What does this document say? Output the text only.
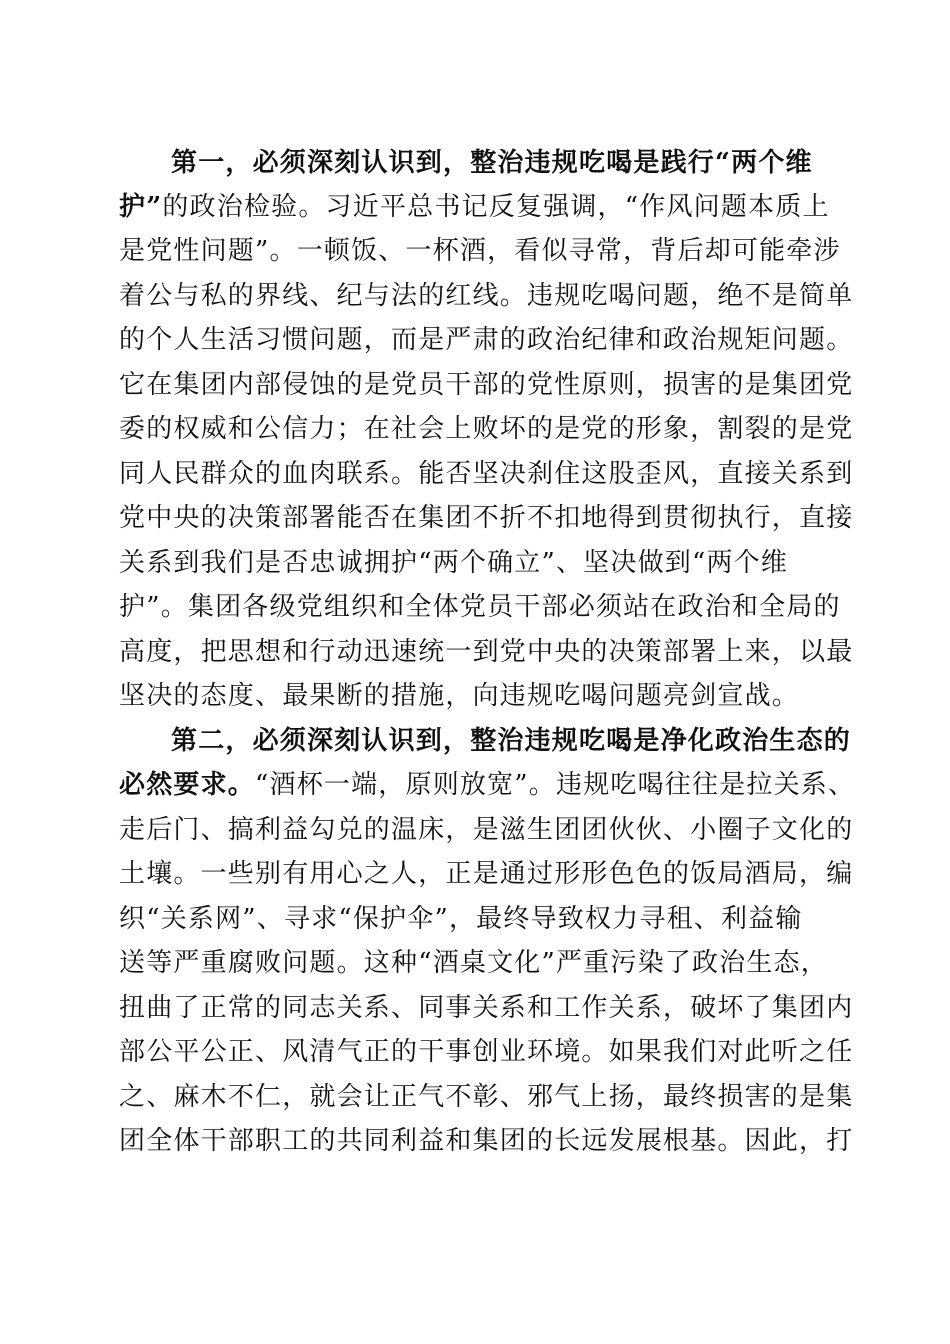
第一，必须深刻认识到，整治违规吃喝是践行“两个维
护”的政治检验。习近平总书记反复强调，“作风问题本质上
是党性问题”。一顿饭、一杯酒，看似寻常，背后却可能牵涉
着公与私的界线、纪与法的红线。违规吃喝问题，绝不是简单
的个人生活习惯问题，而是严肃的政治纪律和政治规矩问题。
它在集团内部侵蚀的是党员干部的党性原则，损害的是集团党
委的权威和公信力；在社会上败坏的是党的形象，割裂的是党
同人民群众的血肉联系。能否坚决刹住这股歪风，直接关系到
党中央的决策部署能否在集团不折不扣地得到贯彻执行，直接
关系到我们是否忠诚拥护“两个确立”、坚决做到“两个维
护”。集团各级党组织和全体党员干部必须站在政治和全局的
高度，把思想和行动迅速统一到党中央的决策部署上来，以最
坚决的态度、最果断的措施，向违规吃喝问题亮剑宣战。
第二，必须深刻认识到，整治违规吃喝是净化政治生态的
必然要求。“酒杯一端，原则放宽”。违规吃喝往往是拉关系、
走后门、搞利益勾兑的温床，是滋生团团伙伙、小圈子文化的
土壤。一些别有用心之人，正是通过形形色色的饭局酒局，编
织“关系网”、寻求“保护伞”，最终导致权力寻租、利益输
送等严重腐败问题。这种“酒桌文化”严重污染了政治生态，
扭曲了正常的同志关系、同事关系和工作关系，破坏了集团内
部公平公正、风清气正的干事创业环境。如果我们对此听之任
之、麻木不仁，就会让正气不彰、邪气上扬，最终损害的是集
团全体干部职工的共同利益和集团的长远发展根基。因此，打
